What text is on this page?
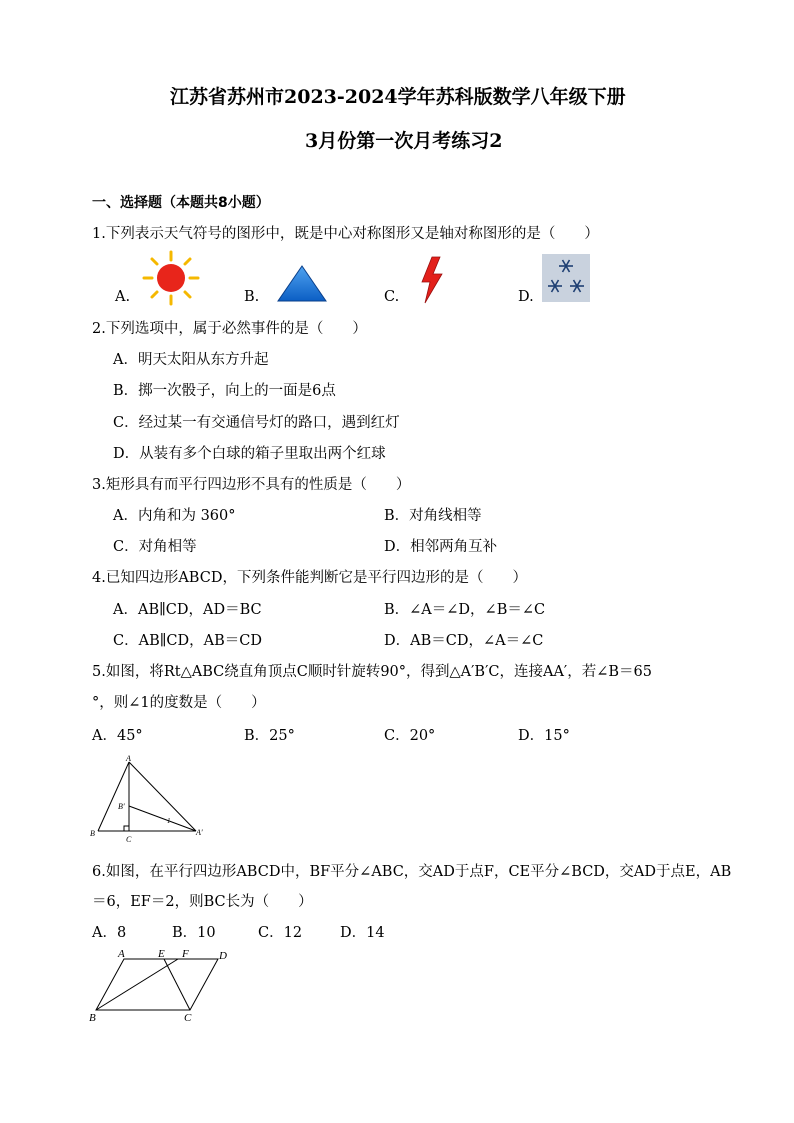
江苏省苏州市2023-2024学年苏科版数学八年级下册
3月份第一次月考练习2
一、选择题（本题共8小题）
1.下列表示天气符号的图形中，既是中心对称图形又是轴对称图形的是（　　）
A.	B.	C.	D.
2.下列选项中，属于必然事件的是（　　）
A．明天太阳从东方升起
B．掷一次骰子，向上的一面是6点
C．经过某一有交通信号灯的路口，遇到红灯
D．从装有多个白球的箱子里取出两个红球
3.矩形具有而平行四边形不具有的性质是（　　）
A．内角和为 360°	B．对角线相等
C．对角相等	D．相邻两角互补
4.已知四边形ABCD，下列条件能判断它是平行四边形的是（　　）
A．AB∥CD，AD＝BC	B．∠A＝∠D，∠B＝∠C
C．AB∥CD，AB＝CD	D．AB＝CD，∠A＝∠C
5.如图，将Rt△ABC绕直角顶点C顺时针旋转90°，得到△A′B′C，连接AA′，若∠B＝65
°，则∠1的度数是（　　）
A．45°	B．25°	C．20°	D．15°
A
B
C
B′
A′
1
6.如图，在平行四边形ABCD中，BF平分∠ABC，交AD于点F，CE平分∠BCD，交AD于点E，AB
＝6，EF＝2，则BC长为（　　）
A．8	B．10	C．12	D．14
A	E F	D
B	C
